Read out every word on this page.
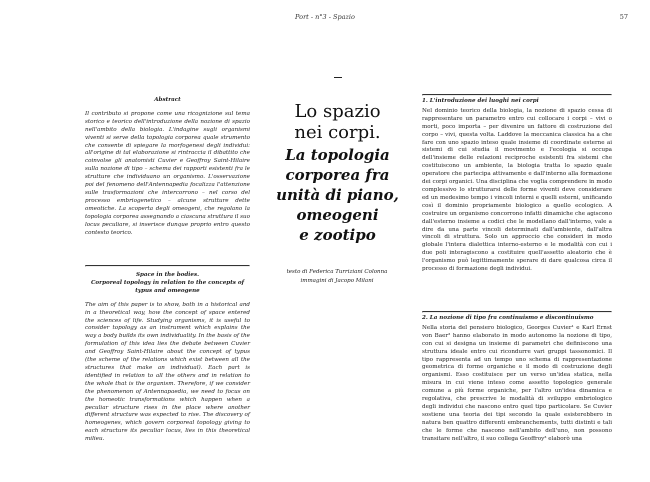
Port - n°3 - Spazio	57
Abstract
Il contributo si propone come una ricognizione sul tema storico e teorico dell'introduzione della nozione di spazio nell'ambito della biologia. L'indagine sugli organismi viventi si serve della topologia corporea quale strumento che consente di spiegare la morfogenesi degli individui: all'origine di tal elaborazione si rintraccia il dibattito che coinvolse gli anatomisti Cuvier e Geoffroy Saint-Hilaire sulla nozione di tipo – schema dei rapporti esistenti fra le strutture che individuano un organismo. L'osservazione poi del fenomeno dell'Antennapedia focalizza l'attenzione sulle trasformazioni che intercorrono – nel corso del processo embriogenetico – alcune strutture dette omeotiche. La scoperta degli omeogeni, che regolano la topologia corporea assegnando a ciascuna struttura il suo locus peculiare, si inserisce dunque proprio entro questo contesto teorico.
Space in the bodies.
Corporeal topology in relation to the concepts of typus and omeogene
The aim of this paper is to show, both in a historical and in a theoretical way, how the concept of space entered the sciences of life. Studying organisms, it is useful to consider topology as an instrument which explains the way a body builds its own individuality. In the basis of the formulation of this idea lies the debate between Cuvier and Geoffroy Saint-Hilaire about the concept of typus (the scheme of the relations which exist between all the structures that make an individual). Each part is identified in relation to all the others and in relation to the whole that is the organism. Therefore, if we consider the phenomenon of Antennapaedia, we need to focus on the homeotic transformations which happen when a peculiar structure rises in the place where another different structure was expected to rise. The discovery of homeogenes, which govern corporeal topology giving to each structure its peculiar locus, lies in this theoretical milieu.
Lo spazio
nei corpi.
La topologia
corporea fra
unità di piano,
omeogeni
e zootipo
testo di Federica Turriziani Colonna
immagini di Jacopo Milani
1. L'introduzione dei luoghi nei corpi
Nel dominio teorico della biologia, la nozione di spazio cessa di rappresentare un parametro entro cui collocare i corpi – vivi o morti, poco importa – per divenire un fattore di costruzione del corpo – vivi, questa volta. Laddove la meccanica classica ha a che fare con uno spazio inteso quale insieme di coordinate esterne ai sistemi di cui studia il movimento e l'ecologia si occupa dell'insieme delle relazioni reciproche esistenti fra sistemi che costituiscono un ambiente, la biologia tratta lo spazio quale operatore che partecipa attivamente e dall'interno alla formazione dei corpi organici. Una disciplina che voglia comprendere in modo complessivo lo strutturarsi delle forme viventi deve considerare ed un medesimo tempo i vincoli interni e quelli esterni, unificando così il dominio propriamente biologico a quello ecologico. A costruire un organismo concorrono infatti dinamiche che agiscono dall'esterno insieme a codici che le modellano dall'interno, vale a dire da una parte vincoli determinati dall'ambiente, dall'altra vincoli di struttura. Solo un approccio che consideri in modo globale l'intera dialettica interno-esterno e le modalità con cui i due poli interagiscono a costituire quell'assetto aleatorio che è l'organismo può legittimamente sperare di dare qualcosa circa il processo di formazione degli individui.
2. La nozione di tipo fra continuismo e discontinuismo
Nella storia del pensiero biologico, Georges Cuvier¹ e Karl Ernst von Baer² hanno elaborato in modo autonomo la nozione di tipo, con cui si designa un insieme di parametri che definiscono una struttura ideale entro cui ricondurre vari gruppi tassonomici. Il tipo rappresenta ad un tempo uno schema di rappresentazione geometrica di forme organiche e il modo di costruzione degli organismi. Esso costituisce per un verso un'idea statica, nella misura in cui viene inteso come assetto topologico generale comune a più forme organiche, per l'altro un'idea dinamica e regolativa, che prescrive le modalità di sviluppo embriologico degli individui che nascono entro quel tipo particolare. Se Cuvier sostiene una teoria dei tipi secondo la quale esisterebbero in natura ben quattro differenti embranchements, tutti distinti e tali che le forme che nascono nell'ambito dell'uno, non possono transitare nell'altro, il suo collega Geoffroy³ elaborò una
